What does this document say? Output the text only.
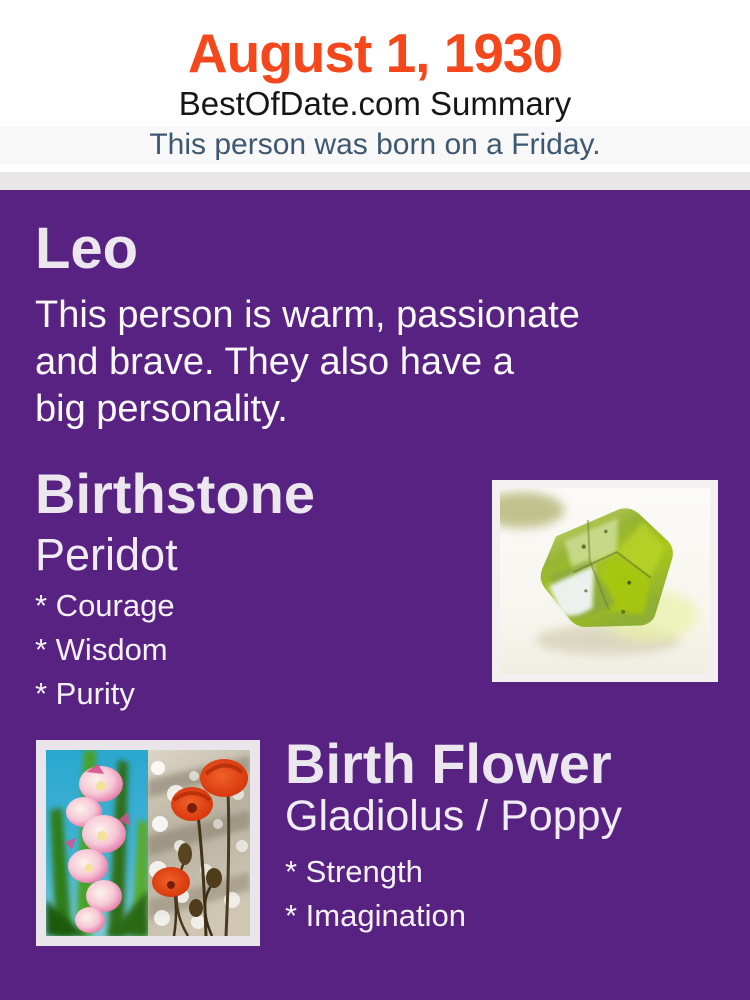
August 1, 1930
BestOfDate.com Summary
This person was born on a Friday.
Leo
This person is warm, passionate
and brave. They also have a
big personality.
Birthstone
Peridot
* Courage
* Wisdom
* Purity
Birth Flower
Gladiolus / Poppy
* Strength
* Imagination
